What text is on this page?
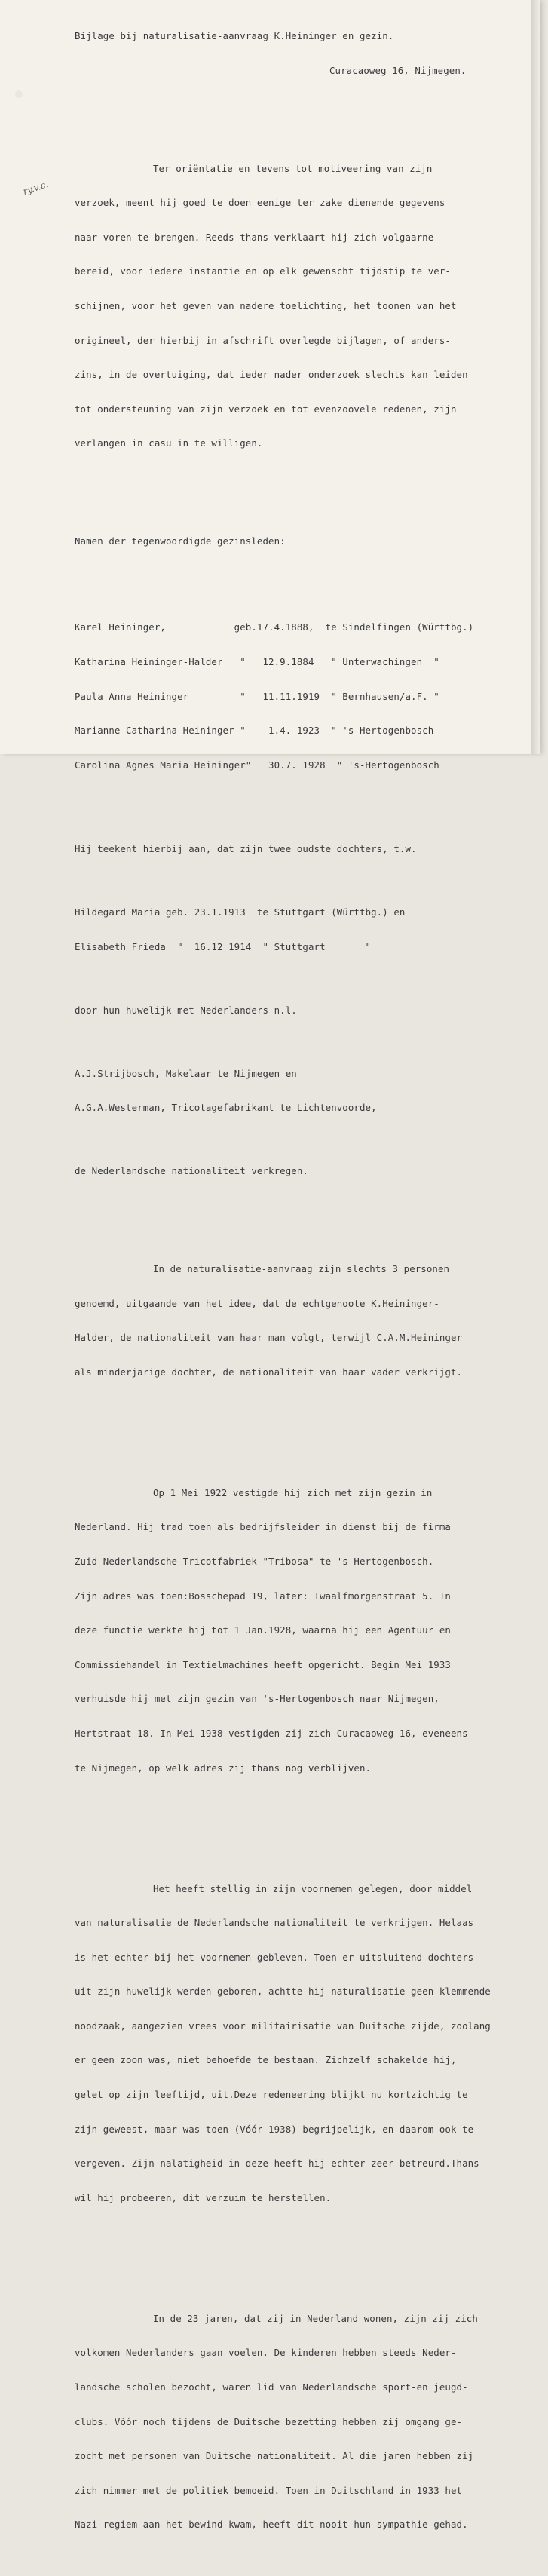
ry.v.c.

Bijlage bij naturalisatie-aanvraag K.Heininger en gezin.

Curacaoweg 16, Nijmegen.

Ter oriëntatie en tevens tot motiveering van zijn

verzoek, meent hij goed te doen eenige ter zake dienende gegevens

naar voren te brengen. Reeds thans verklaart hij zich volgaarne

bereid, voor iedere instantie en op elk gewenscht tijdstip te ver-

schijnen, voor het geven van nadere toelichting, het toonen van het

origineel, der hierbij in afschrift overlegde bijlagen, of anders-

zins, in de overtuiging, dat ieder nader onderzoek slechts kan leiden

tot ondersteuning van zijn verzoek en tot evenzoovele redenen, zijn

verlangen in casu in te willigen.

Namen der tegenwoordigde gezinsleden:

Karel Heininger,            geb.17.4.1888,  te Sindelfingen (Württbg.)

Katharina Heininger-Halder   "   12.9.1884   " Unterwachingen  "

Paula Anna Heininger         "   11.11.1919  " Bernhausen/a.F. "

Marianne Catharina Heininger "    1.4. 1923  " 's-Hertogenbosch

Carolina Agnes Maria Heininger"   30.7. 1928  " 's-Hertogenbosch

Hij teekent hierbij aan, dat zijn twee oudste dochters, t.w.

Hildegard Maria geb. 23.1.1913  te Stuttgart (Württbg.) en

Elisabeth Frieda  "  16.12 1914  " Stuttgart       "

door hun huwelijk met Nederlanders n.l.

A.J.Strijbosch, Makelaar te Nijmegen en

A.G.A.Westerman, Tricotagefabrikant te Lichtenvoorde,

de Nederlandsche nationaliteit verkregen.

In de naturalisatie-aanvraag zijn slechts 3 personen

genoemd, uitgaande van het idee, dat de echtgenoote K.Heininger-

Halder, de nationaliteit van haar man volgt, terwijl C.A.M.Heininger

als minderjarige dochter, de nationaliteit van haar vader verkrijgt.

Op 1 Mei 1922 vestigde hij zich met zijn gezin in

Nederland. Hij trad toen als bedrijfsleider in dienst bij de firma

Zuid Nederlandsche Tricotfabriek "Tribosa" te 's-Hertogenbosch.

Zijn adres was toen:Bosschepad 19, later: Twaalfmorgenstraat 5. In

deze functie werkte hij tot 1 Jan.1928, waarna hij een Agentuur en

Commissiehandel in Textielmachines heeft opgericht. Begin Mei 1933

verhuisde hij met zijn gezin van 's-Hertogenbosch naar Nijmegen,

Hertstraat 18. In Mei 1938 vestigden zij zich Curacaoweg 16, eveneens

te Nijmegen, op welk adres zij thans nog verblijven.

Het heeft stellig in zijn voornemen gelegen, door middel

van naturalisatie de Nederlandsche nationaliteit te verkrijgen. Helaas

is het echter bij het voornemen gebleven. Toen er uitsluitend dochters

uit zijn huwelijk werden geboren, achtte hij naturalisatie geen klemmende

noodzaak, aangezien vrees voor militairisatie van Duitsche zijde, zoolang

er geen zoon was, niet behoefde te bestaan. Zichzelf schakelde hij,

gelet op zijn leeftijd, uit.Deze redeneering blijkt nu kortzichtig te

zijn geweest, maar was toen (Vóór 1938) begrijpelijk, en daarom ook te

vergeven. Zijn nalatigheid in deze heeft hij echter zeer betreurd.Thans

wil hij probeeren, dit verzuim te herstellen.

In de 23 jaren, dat zij in Nederland wonen, zijn zij zich

volkomen Nederlanders gaan voelen. De kinderen hebben steeds Neder-

landsche scholen bezocht, waren lid van Nederlandsche sport-en jeugd-

clubs. Vóór noch tijdens de Duitsche bezetting hebben zij omgang ge-

zocht met personen van Duitsche nationaliteit. Al die jaren hebben zij

zich nimmer met de politiek bemoeid. Toen in Duitschland in 1933 het

Nazi-regiem aan het bewind kwam, heeft dit nooit hun sympathie gehad.
